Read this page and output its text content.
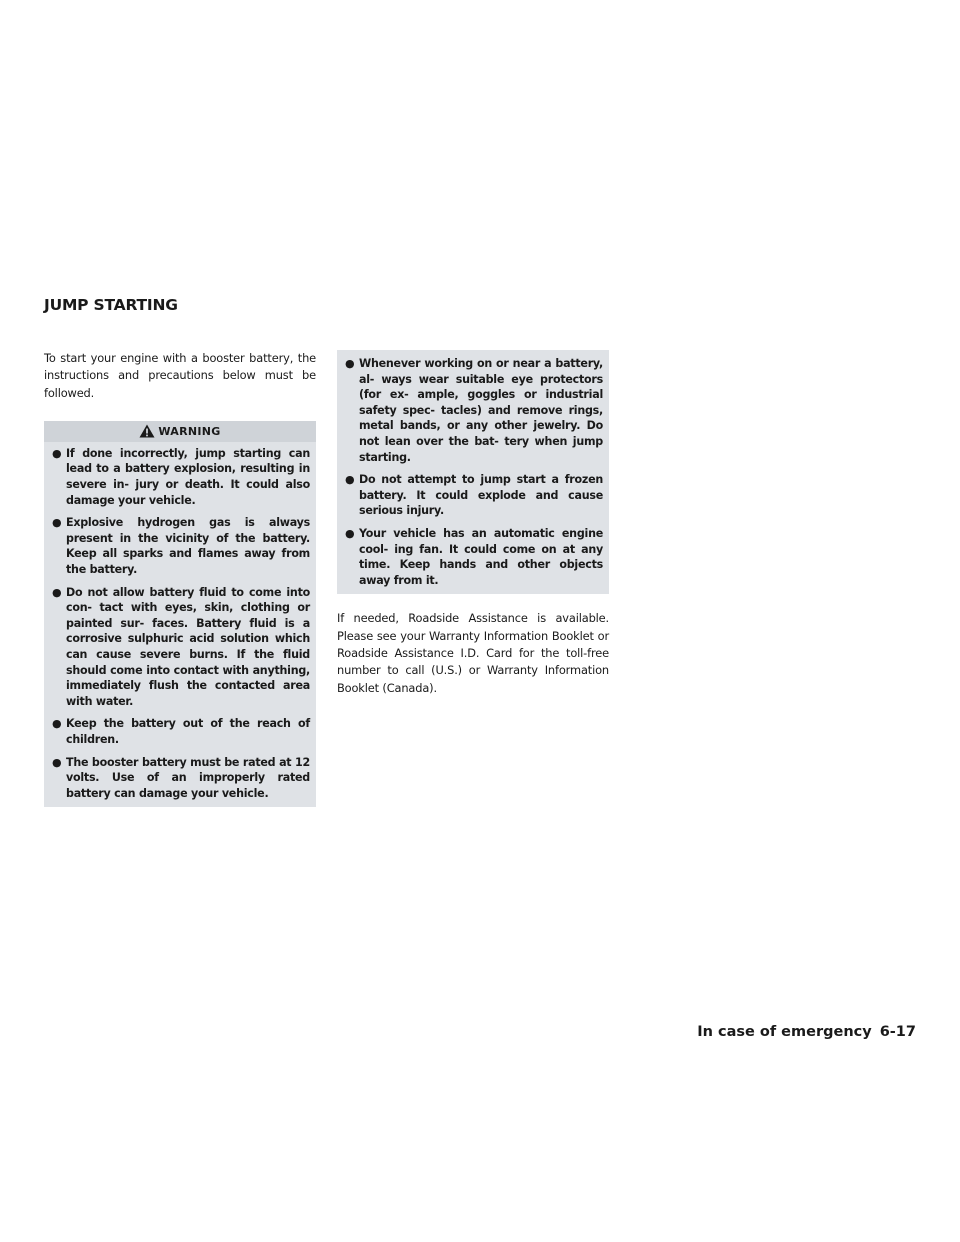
JUMP STARTING

To start your engine with a booster battery, the instructions and precautions below must be followed.

WARNING
● If done incorrectly, jump starting can lead to a battery explosion, resulting in severe in- jury or death. It could also damage your vehicle.
● Explosive hydrogen gas is always present in the vicinity of the battery. Keep all sparks and flames away from the battery.
● Do not allow battery fluid to come into con- tact with eyes, skin, clothing or painted sur- faces. Battery fluid is a corrosive sulphuric acid solution which can cause severe burns. If the fluid should come into contact with anything, immediately flush the contacted area with water.
● Keep the battery out of the reach of children.
● The booster battery must be rated at 12 volts. Use of an improperly rated battery can damage your vehicle.
● Whenever working on or near a battery, al- ways wear suitable eye protectors (for ex- ample, goggles or industrial safety spec- tacles) and remove rings, metal bands, or any other jewelry. Do not lean over the bat- tery when jump starting.
● Do not attempt to jump start a frozen battery. It could explode and cause serious injury.
● Your vehicle has an automatic engine cool- ing fan. It could come on at any time. Keep hands and other objects away from it.

If needed, Roadside Assistance is available. Please see your Warranty Information Booklet or Roadside Assistance I.D. Card for the toll-free number to call (U.S.) or Warranty Information Booklet (Canada).

In case of emergency 6-17
